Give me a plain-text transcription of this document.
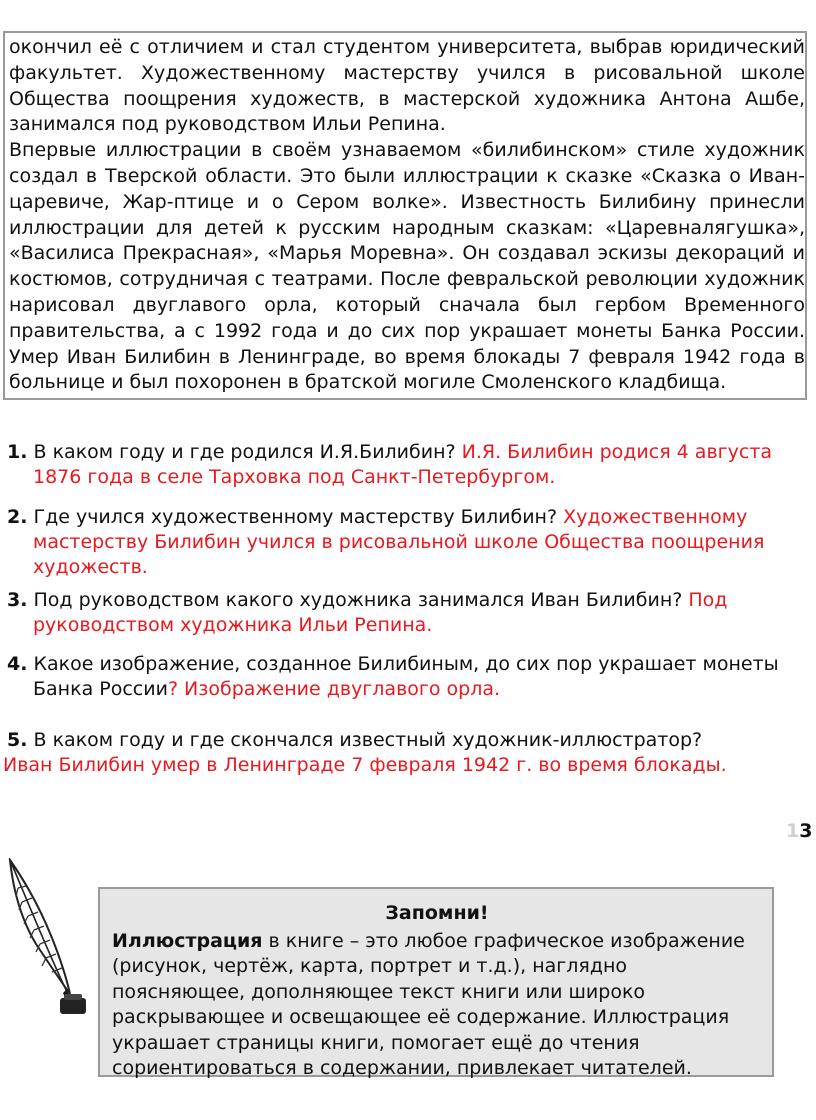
окончил её с отличием и стал студентом университета, выбрав юридический факультет. Художественному мастерству учился в рисовальной школе Общества поощрения художеств, в мастерской художника Антона Ашбе, занимался под руководством Ильи Репина.

Впервые иллюстрации в своём узнаваемом «билибинском» стиле художник создал в Тверской области. Это были иллюстрации к сказке «Сказка о Иван-царевиче, Жар-птице и о Сером волке». Известность Билибину принесли иллюстрации для детей к русским народным сказкам: «Царевналягушка», «Василиса Прекрасная», «Марья Моревна». Он создавал эскизы декораций и костюмов, сотрудничая с театрами. После февральской революции художник нарисовал двуглавого орла, который сначала был гербом Временного правительства, а с 1992 года и до сих пор украшает монеты Банка России. Умер Иван Билибин в Ленинграде, во время блокады 7 февраля 1942 года в больнице и был похоронен в братской могиле Смоленского кладбища.

1. В каком году и где родился И.Я.Билибин? И.Я. Билибин родися 4 августа 1876 года в селе Тарховка под Санкт-Петербургом.
2. Где учился художественному мастерству Билибин? Художественному мастерству Билибин учился в рисовальной школе Общества поощрения художеств.
3. Под руководством какого художника занимался Иван Билибин? Под руководством художника Ильи Репина.
4. Какое изображение, созданное Билибиным, до сих пор украшает монеты Банка России? Изображение двуглавого орла.
5. В каком году и где скончался известный художник-иллюстратор?
Иван Билибин умер в Ленинграде 7 февраля 1942 г. во время блокады.
13
Запомни!

Иллюстрация в книге – это любое графическое изображение (рисунок, чертёж, карта, портрет и т.д.), наглядно поясняющее, дополняющее текст книги или широко раскрывающее и освещающее её содержание. Иллюстрация украшает страницы книги, помогает ещё до чтения сориентироваться в содержании, привлекает читателей.
